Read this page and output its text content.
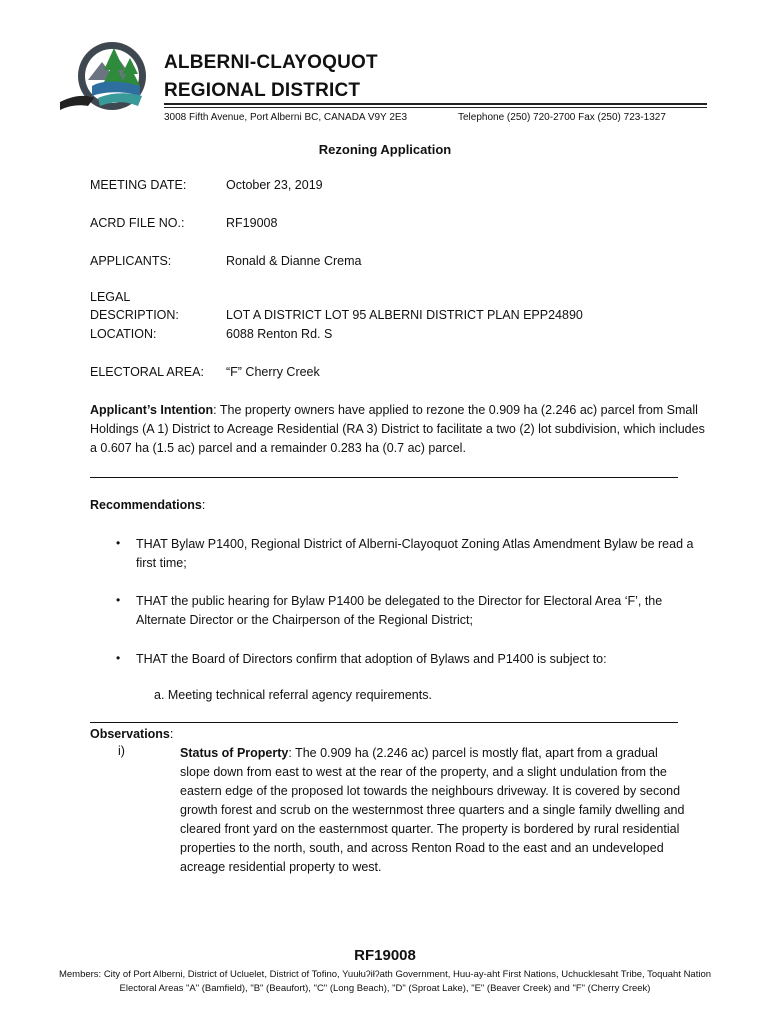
ALBERNI-CLAYOQUOT
REGIONAL DISTRICT
3008 Fifth Avenue, Port Alberni BC, CANADA V9Y 2E3	Telephone (250) 720-2700 Fax (250) 723-1327
Rezoning Application
MEETING DATE:	October 23, 2019
ACRD FILE NO.:	RF19008
APPLICANTS:	Ronald & Dianne Crema
LEGAL
DESCRIPTION:	LOT A DISTRICT LOT 95 ALBERNI DISTRICT PLAN EPP24890
LOCATION:	6088 Renton Rd. S
ELECTORAL AREA: “F” Cherry Creek
Applicant’s Intention: The property owners have applied to rezone the 0.909 ha (2.246 ac) parcel from Small Holdings (A 1) District to Acreage Residential (RA 3) District to facilitate a two (2) lot subdivision, which includes a 0.607 ha (1.5 ac) parcel and a remainder 0.283 ha (0.7 ac) parcel.
Recommendations:
• THAT Bylaw P1400, Regional District of Alberni-Clayoquot Zoning Atlas Amendment Bylaw be read a first time;
• THAT the public hearing for Bylaw P1400 be delegated to the Director for Electoral Area ‘F’, the Alternate Director or the Chairperson of the Regional District;
• THAT the Board of Directors confirm that adoption of Bylaws and P1400 is subject to:
a. Meeting technical referral agency requirements.
Observations:
i)	Status of Property: The 0.909 ha (2.246 ac) parcel is mostly flat, apart from a gradual slope down from east to west at the rear of the property, and a slight undulation from the eastern edge of the proposed lot towards the neighbours driveway. It is covered by second growth forest and scrub on the westernmost three quarters and a single family dwelling and cleared front yard on the easternmost quarter. The property is bordered by rural residential properties to the north, south, and across Renton Road to the east and an undeveloped acreage residential property to west.
RF19008
Members: City of Port Alberni, District of Ucluelet, District of Tofino, Yuułuʔiłʔath Government, Huu-ay-aht First Nations, Uchucklesaht Tribe, Toquaht Nation
Electoral Areas "A" (Bamfield), "B" (Beaufort), "C" (Long Beach), "D" (Sproat Lake), "E" (Beaver Creek) and "F" (Cherry Creek)
